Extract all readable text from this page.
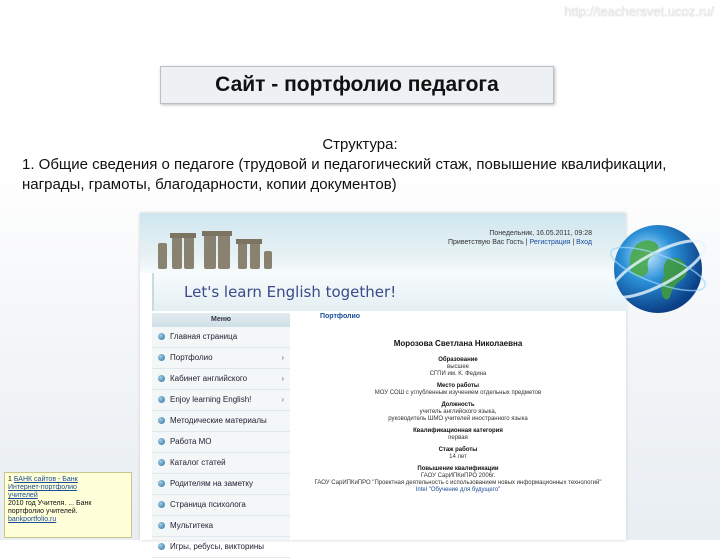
http://teachersvet.ucoz.ru/
Сайт - портфолио педагога
Структура:
1. Общие сведения о педагоге (трудовой и педагогический стаж, повышение квалификации, награды, грамоты, благодарности, копии документов)
Понедельник, 16.05.2011, 09:28
Приветствую Вас Гость | Регистрация | Вход
Let's learn English together!
Меню
Главная страница
Портфолио	›
Кабинет английского	›
Enjoy learning English!	›
Методические материалы
Работа МО
Каталог статей
Родителям на заметку
Страница психолога
Мультитека
Игры, ребусы, викторины
Портфолио
Морозова Светлана Николаевна
Образование
высшее
СГПИ им. К. Федина
Место работы
МОУ СОШ с углубленным изучением отдельных предметов
Должность
учитель английского языка,
руководитель ШМО учителей иностранного языка
Квалификационная категория
первая
Стаж работы
14 лет
Повышение квалификации
ГАОУ СарИПКиПРО 2006г.
ГАОУ СарИПКиПРО "Проектная деятельность с использованием новых информационных технологий"
Intel "Обучение для будущего"
1 БАНК сайтов - Банк
Интернет-портфолио
учителей
2010 год Учителя. ... Банк портфолио учителей.
bankportfolio.ru
